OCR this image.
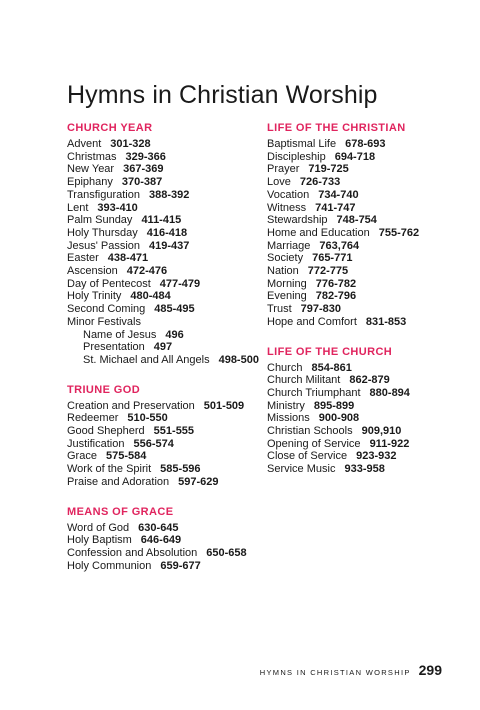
Hymns in Christian Worship
CHURCH YEAR
Advent 301-328
Christmas 329-366
New Year 367-369
Epiphany 370-387
Transfiguration 388-392
Lent 393-410
Palm Sunday 411-415
Holy Thursday 416-418
Jesus' Passion 419-437
Easter 438-471
Ascension 472-476
Day of Pentecost 477-479
Holy Trinity 480-484
Second Coming 485-495
Minor Festivals
Name of Jesus 496
Presentation 497
St. Michael and All Angels 498-500
TRIUNE GOD
Creation and Preservation 501-509
Redeemer 510-550
Good Shepherd 551-555
Justification 556-574
Grace 575-584
Work of the Spirit 585-596
Praise and Adoration 597-629
MEANS OF GRACE
Word of God 630-645
Holy Baptism 646-649
Confession and Absolution 650-658
Holy Communion 659-677
LIFE OF THE CHRISTIAN
Baptismal Life 678-693
Discipleship 694-718
Prayer 719-725
Love 726-733
Vocation 734-740
Witness 741-747
Stewardship 748-754
Home and Education 755-762
Marriage 763,764
Society 765-771
Nation 772-775
Morning 776-782
Evening 782-796
Trust 797-830
Hope and Comfort 831-853
LIFE OF THE CHURCH
Church 854-861
Church Militant 862-879
Church Triumphant 880-894
Ministry 895-899
Missions 900-908
Christian Schools 909,910
Opening of Service 911-922
Close of Service 923-932
Service Music 933-958
HYMNS IN CHRISTIAN WORSHIP 299
